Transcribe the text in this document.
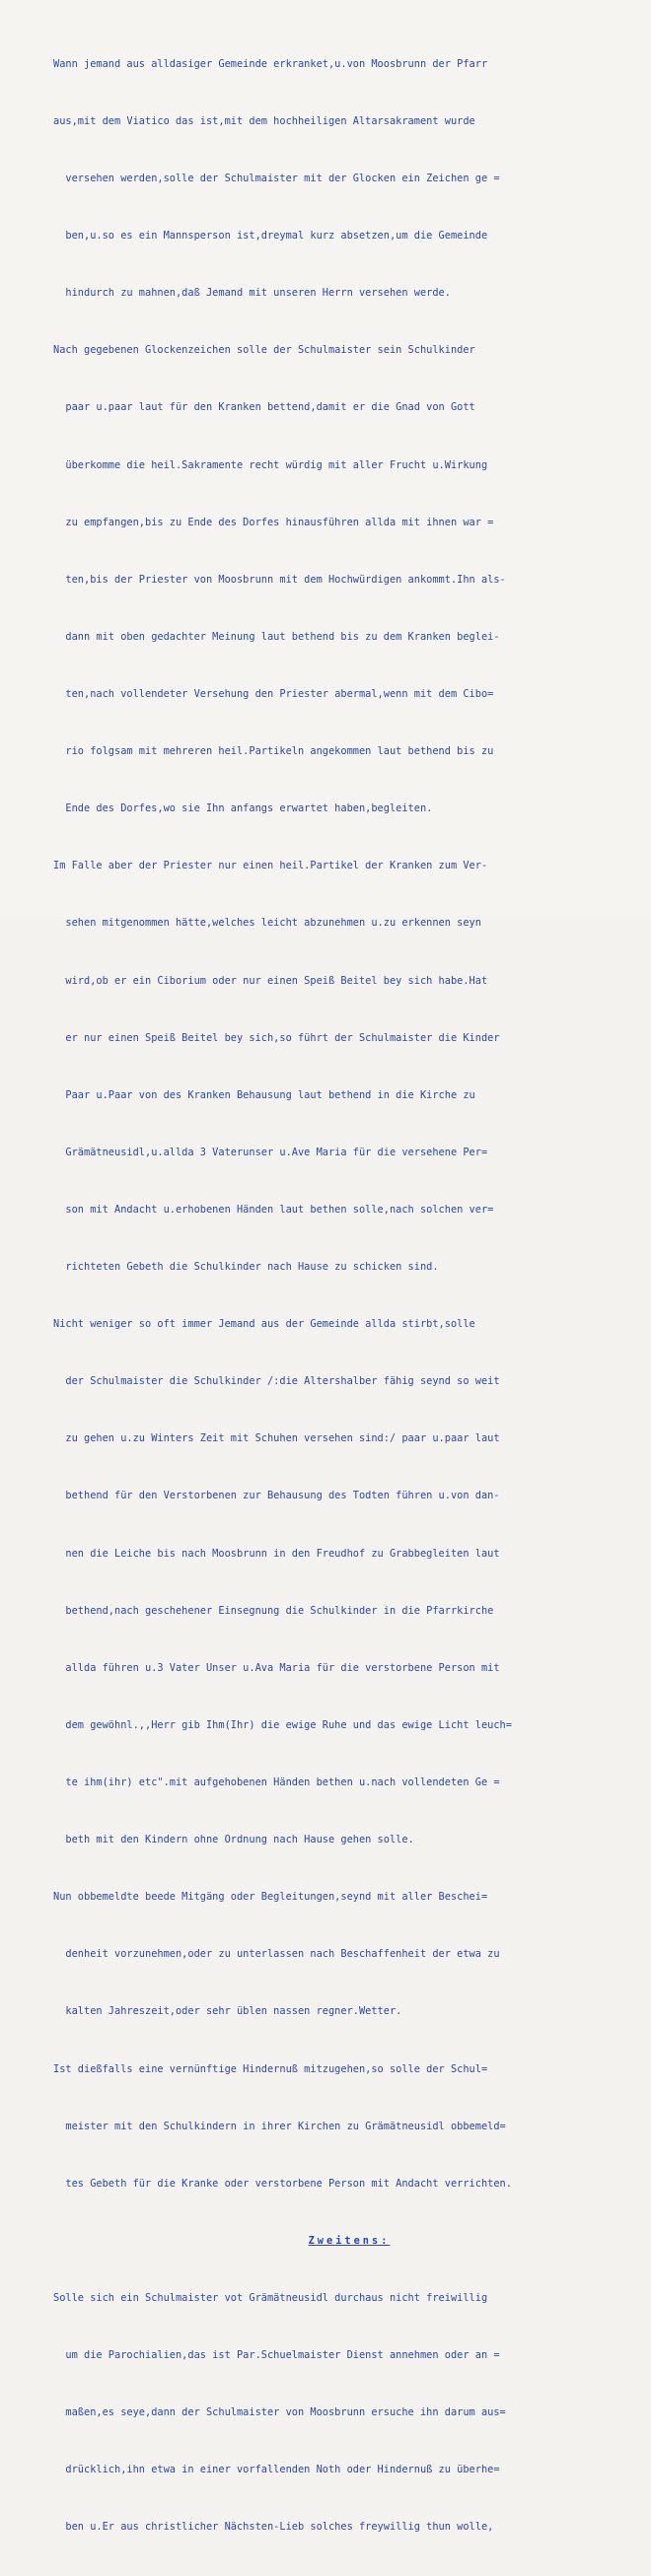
Wann jemand aus alldasiger Gemeinde erkranket,u.von Moosbrunn der Pfarr

aus,mit dem Viatico das ist,mit dem hochheiligen Altarsakrament wurde

versehen werden,solle der Schulmaister mit der Glocken ein Zeichen ge =

ben,u.so es ein Mannsperson ist,dreymal kurz absetzen,um die Gemeinde

hindurch zu mahnen,daß Jemand mit unseren Herrn versehen werde.

Nach gegebenen Glockenzeichen solle der Schulmaister sein Schulkinder

paar u.paar laut für den Kranken bettend,damit er die Gnad von Gott

überkomme die heil.Sakramente recht würdig mit aller Frucht u.Wirkung

zu empfangen,bis zu Ende des Dorfes hinausführen allda mit ihnen war =

ten,bis der Priester von Moosbrunn mit dem Hochwürdigen ankommt.Ihn als-

dann mit oben gedachter Meinung laut bethend bis zu dem Kranken beglei-

ten,nach vollendeter Versehung den Priester abermal,wenn mit dem Cibo=

rio folgsam mit mehreren heil.Partikeln angekommen laut bethend bis zu

Ende des Dorfes,wo sie Ihn anfangs erwartet haben,begleiten.

Im Falle aber der Priester nur einen heil.Partikel der Kranken zum Ver-

sehen mitgenommen hätte,welches leicht abzunehmen u.zu erkennen seyn

wird,ob er ein Ciborium oder nur einen Speiß Beitel bey sich habe.Hat

er nur einen Speiß Beitel bey sich,so führt der Schulmaister die Kinder

Paar u.Paar von des Kranken Behausung laut bethend in die Kirche zu

Grämätneusidl,u.allda 3 Vaterunser u.Ave Maria für die versehene Per=

son mit Andacht u.erhobenen Händen laut bethen solle,nach solchen ver=

richteten Gebeth die Schulkinder nach Hause zu schicken sind.

Nicht weniger so oft immer Jemand aus der Gemeinde allda stirbt,solle

der Schulmaister die Schulkinder /:die Altershalber fähig seynd so weit

zu gehen u.zu Winters Zeit mit Schuhen versehen sind:/ paar u.paar laut

bethend für den Verstorbenen zur Behausung des Todten führen u.von dan-

nen die Leiche bis nach Moosbrunn in den Freudhof zu Grabbegleiten laut

bethend,nach geschehener Einsegnung die Schulkinder in die Pfarrkirche

allda führen u.3 Vater Unser u.Ava Maria für die verstorbene Person mit

dem gewöhnl.,,Herr gib Ihm(Ihr) die ewige Ruhe und das ewige Licht leuch=

te ihm(ihr) etc".mit aufgehobenen Händen bethen u.nach vollendeten Ge =

beth mit den Kindern ohne Ordnung nach Hause gehen solle.

Nun obbemeldte beede Mitgäng oder Begleitungen,seynd mit aller Beschei=

denheit vorzunehmen,oder zu unterlassen nach Beschaffenheit der etwa zu

kalten Jahreszeit,oder sehr üblen nassen regner.Wetter.

Ist dießfalls eine vernünftige Hindernuß mitzugehen,so solle der Schul=

meister mit den Schulkindern in ihrer Kirchen zu Grämätneusidl obbemeld=

tes Gebeth für die Kranke oder verstorbene Person mit Andacht verrichten.

Zweitens:

Solle sich ein Schulmaister vot Grämätneusidl durchaus nicht freiwillig

um die Parochialien,das ist Par.Schuelmaister Dienst annehmen oder an =

maßen,es seye,dann der Schulmaister von Moosbrunn ersuche ihn darum aus=

drücklich,ihn etwa in einer vorfallenden Noth oder Hindernuß zu überhe=

ben u.Er aus christlicher Nächsten-Lieb solches freywillig thun wolle,
